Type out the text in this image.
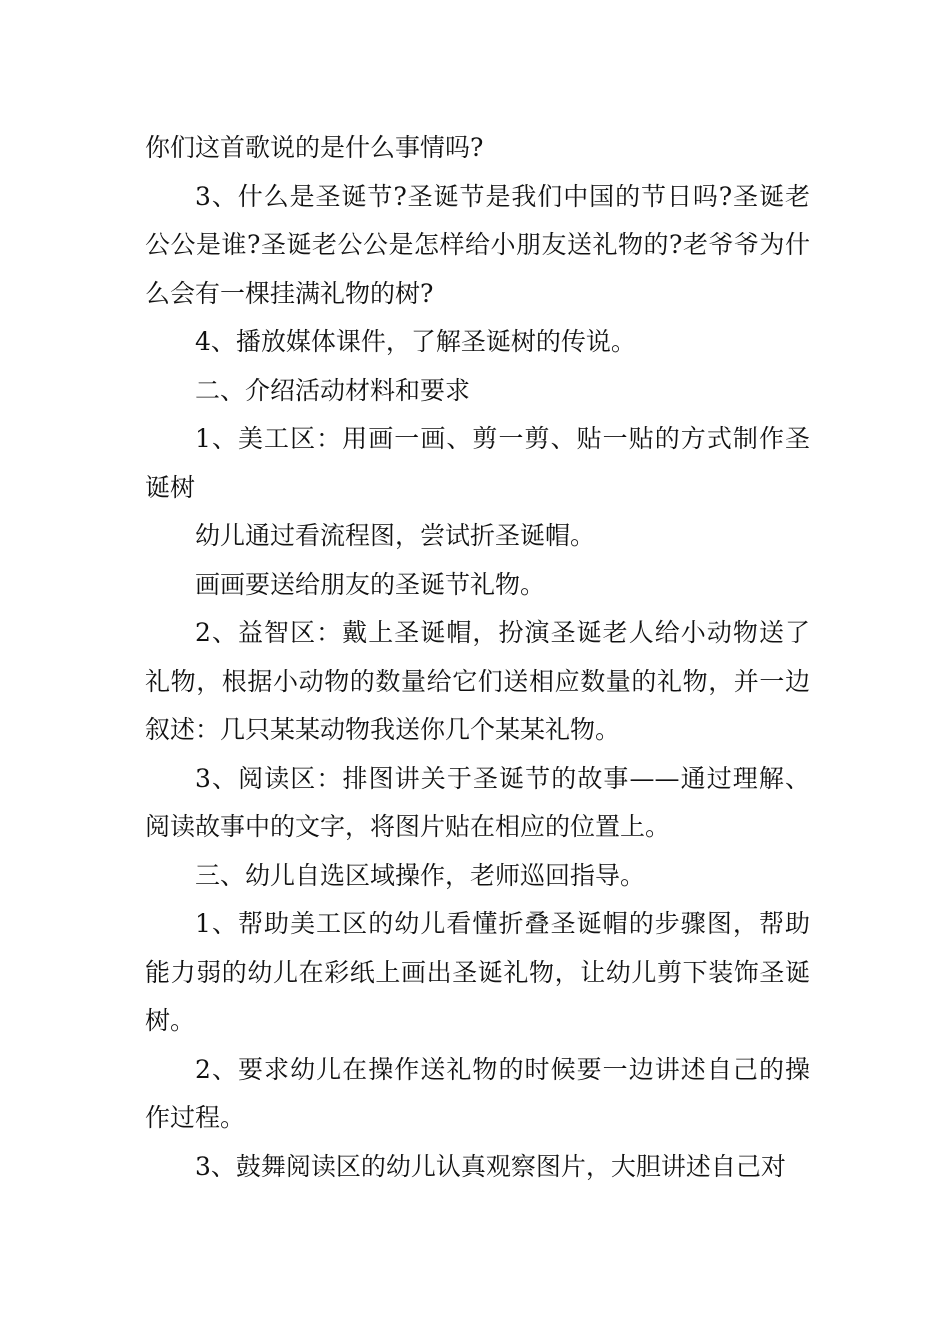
你们这首歌说的是什么事情吗?

3、什么是圣诞节?圣诞节是我们中国的节日吗?圣诞老公公是谁?圣诞老公公是怎样给小朋友送礼物的?老爷爷为什么会有一棵挂满礼物的树?

4、播放媒体课件，了解圣诞树的传说。

二、介绍活动材料和要求

1、美工区：用画一画、剪一剪、贴一贴的方式制作圣诞树

幼儿通过看流程图，尝试折圣诞帽。

画画要送给朋友的圣诞节礼物。

2、益智区：戴上圣诞帽，扮演圣诞老人给小动物送了礼物，根据小动物的数量给它们送相应数量的礼物，并一边叙述：几只某某动物我送你几个某某礼物。

3、阅读区：排图讲关于圣诞节的故事——通过理解、阅读故事中的文字，将图片贴在相应的位置上。

三、幼儿自选区域操作，老师巡回指导。

1、帮助美工区的幼儿看懂折叠圣诞帽的步骤图，帮助能力弱的幼儿在彩纸上画出圣诞礼物，让幼儿剪下装饰圣诞树。

2、要求幼儿在操作送礼物的时候要一边讲述自己的操作过程。

3、鼓舞阅读区的幼儿认真观察图片，大胆讲述自己对
